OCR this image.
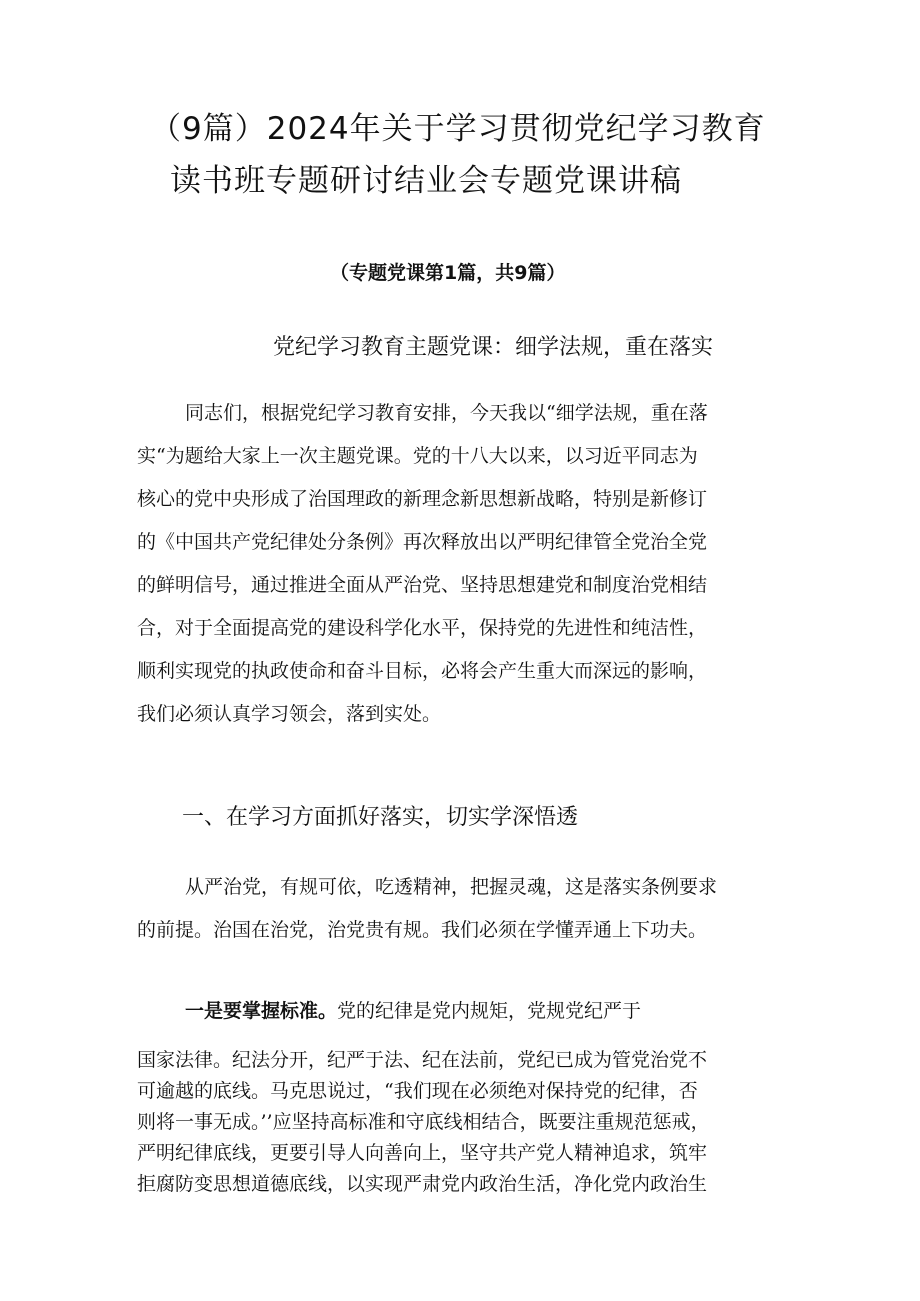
（9篇）2024年关于学习贯彻党纪学习教育
读书班专题研讨结业会专题党课讲稿

（专题党课第1篇，共9篇）

党纪学习教育主题党课：细学法规，重在落实
同志们，根据党纪学习教育安排，今天我以“细学法规，重在落
实“为题给大家上一次主题党课。党的十八大以来，以习近平同志为
核心的党中央形成了治国理政的新理念新思想新战略，特别是新修订
的《中国共产党纪律处分条例》再次释放出以严明纪律管全党治全党
的鲜明信号，通过推进全面从严治党、坚持思想建党和制度治党相结
合，对于全面提高党的建设科学化水平，保持党的先进性和纯洁性，
顺利实现党的执政使命和奋斗目标，必将会产生重大而深远的影响，
我们必须认真学习领会，落到实处。
一、在学习方面抓好落实，切实学深悟透
从严治党，有规可依，吃透精神，把握灵魂，这是落实条例要求
的前提。治国在治党，治党贵有规。我们必须在学懂弄通上下功夫。
一是要掌握标准。党的纪律是党内规矩，党规党纪严于
国家法律。纪法分开，纪严于法、纪在法前，党纪已成为管党治党不
可逾越的底线。马克思说过，“我们现在必须绝对保持党的纪律，否
则将一事无成。’’应坚持高标准和守底线相结合，既要注重规范惩戒，
严明纪律底线，更要引导人向善向上，坚守共产党人精神追求，筑牢
拒腐防变思想道德底线，以实现严肃党内政治生活，净化党内政治生
